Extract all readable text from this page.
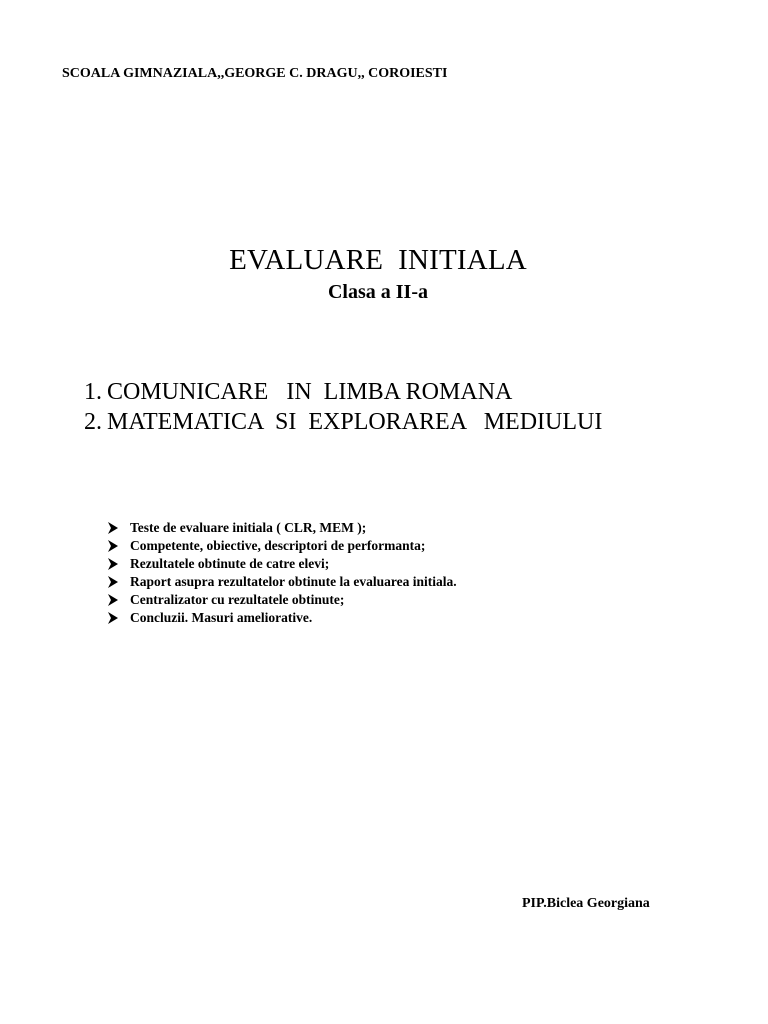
SCOALA GIMNAZIALA,,GEORGE C. DRAGU,, COROIESTI
EVALUARE  INITIALA
Clasa a II-a
1. COMUNICARE   IN  LIMBA ROMANA
2. MATEMATICA  SI  EXPLORAREA   MEDIULUI
Teste de evaluare initiala ( CLR, MEM );
Competente, obiective, descriptori de performanta;
Rezultatele obtinute de catre elevi;
Raport asupra rezultatelor obtinute la evaluarea initiala.
Centralizator cu rezultatele obtinute;
Concluzii. Masuri ameliorative.
PIP.Biclea Georgiana
